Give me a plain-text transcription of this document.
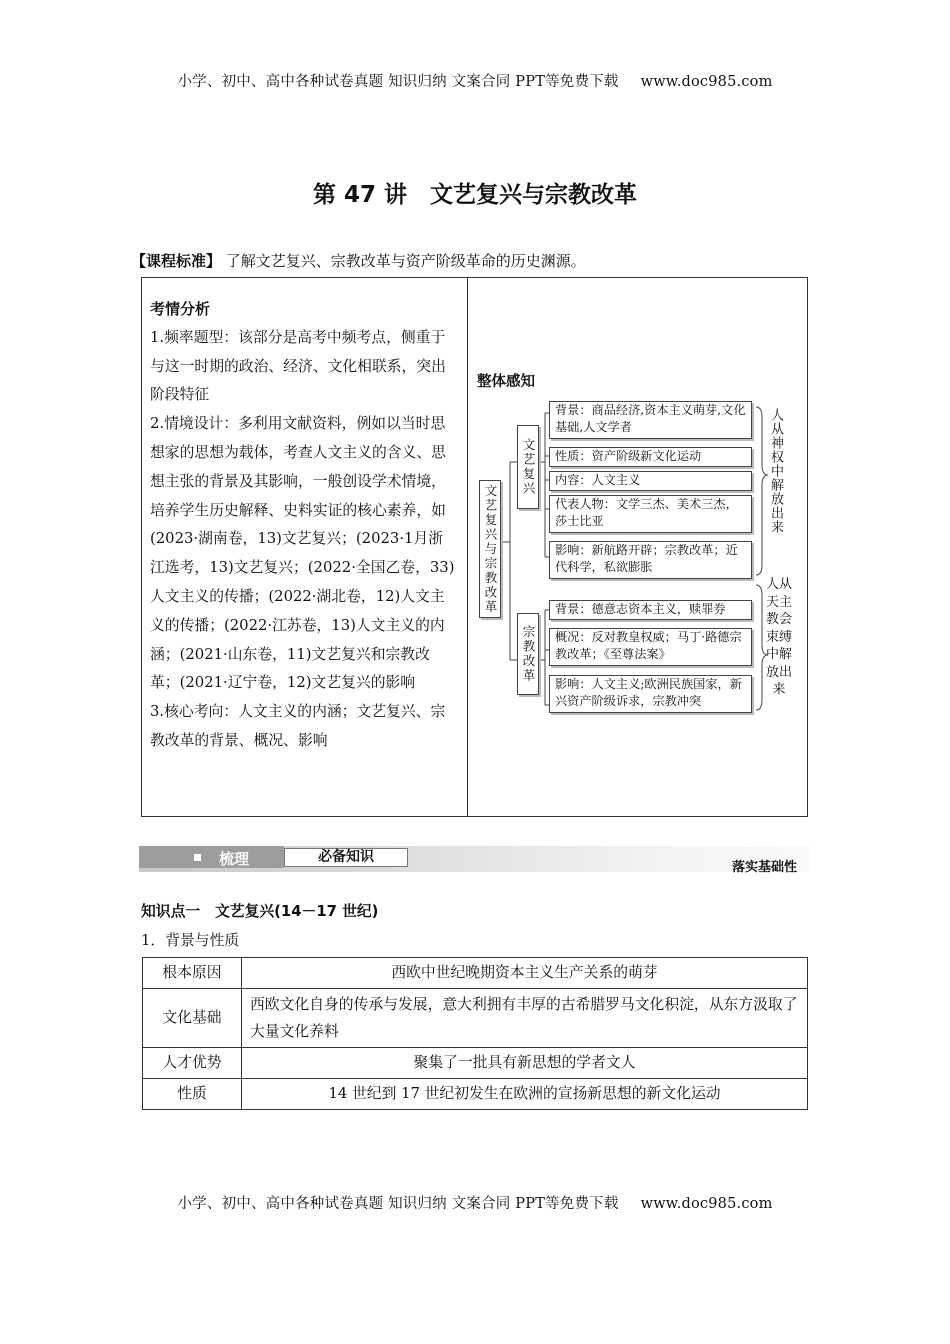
小学、初中、高中各种试卷真题 知识归纳 文案合同 PPT等免费下载 www.doc985.com
第 47 讲　文艺复兴与宗教改革
【课程标准】 了解文艺复兴、宗教改革与资产阶级革命的历史渊源。

考情分析

1.频率题型：该部分是高考中频考点，侧重于与这一时期的政治、经济、文化相联系，突出阶段特征

2.情境设计：多利用文献资料，例如以当时思想家的思想为载体，考查人文主义的含义、思想主张的背景及其影响，一般创设学术情境，培养学生历史解释、史料实证的核心素养，如(2023·湖南卷，13)文艺复兴；(2023·1月浙江选考，13)文艺复兴；(2022·全国乙卷，33)人文主义的传播；(2022·湖北卷，12)人文主义的传播；(2022·江苏卷，13)人文主义的内涵；(2021·山东卷，11)文艺复兴和宗教改革；(2021·辽宁卷，12)文艺复兴的影响

3.核心考向：人文主义的内涵；文艺复兴、宗教改革的背景、概况、影响

整体感知
文艺复兴与宗教改革
文艺复兴
背景：商品经济,资本主义萌芽,文化基础,人文学者
性质：资产阶级新文化运动
内容：人文主义
代表人物：文学三杰、美术三杰，莎士比亚
影响：新航路开辟；宗教改革；近代科学，私欲膨胀
宗教改革
背景：德意志资本主义，赎罪券
概况：反对教皇权威；马丁·路德宗教改革；《至尊法案》
影响：人文主义;欧洲民族国家，新兴资产阶级诉求，宗教冲突
人从神权中解放出来
人从天主教会束缚中解放出来
梳理	必备知识
落实基础性
知识点一　文艺复兴(14－17 世纪)
1．背景与性质
根本原因	西欧中世纪晚期资本主义生产关系的萌芽
文化基础	西欧文化自身的传承与发展，意大利拥有丰厚的古希腊罗马文化积淀，从东方汲取了大量文化养料
人才优势	聚集了一批具有新思想的学者文人
性质	14 世纪到 17 世纪初发生在欧洲的宣扬新思想的新文化运动
小学、初中、高中各种试卷真题 知识归纳 文案合同 PPT等免费下载 www.doc985.com
